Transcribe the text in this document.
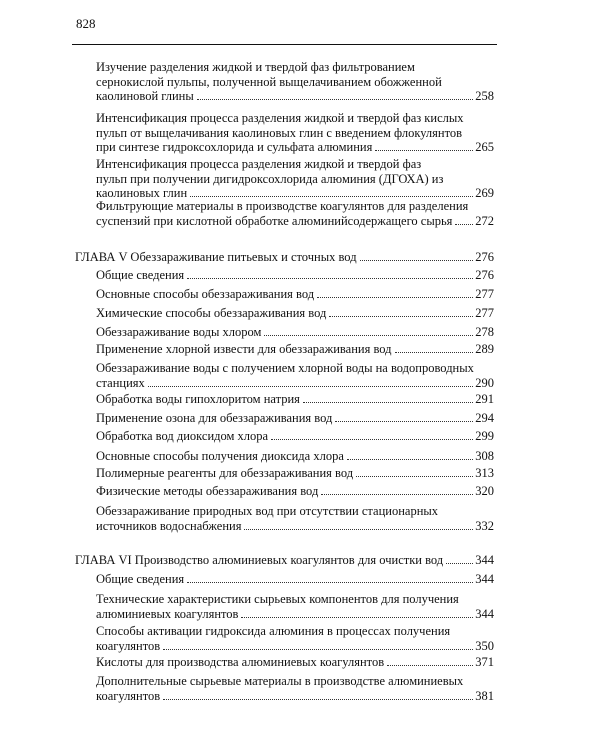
828
Изучение разделения жидкой и твердой фаз фильтрованием
сернокислой пульпы, полученной выщелачиванием обожженной
каолиновой глины	258
Интенсификация процесса разделения жидкой и твердой фаз кислых
пульп от выщелачивания каолиновых глин с введением флокулянтов
при синтезе гидроксохлорида и сульфата алюминия	265
Интенсификация процесса разделения жидкой и твердой фаз
пульп при получении дигидроксохлорида алюминия (ДГОХА) из
каолиновых глин	269
Фильтрующие материалы в производстве коагулянтов для разделения
суспензий при кислотной обработке алюминийсодержащего сырья 272
ГЛАВА V Обеззараживание питьевых и сточных вод	276
Общие сведения	276
Основные способы обеззараживания вод	277
Химические способы обеззараживания вод	277
Обеззараживание воды хлором	278
Применение хлорной извести для обеззараживания вод	289
Обеззараживание воды с получением хлорной воды на водопроводных
станциях	290
Обработка воды гипохлоритом натрия	291
Применение озона для обеззараживания вод	294
Обработка вод диоксидом хлора	299
Основные способы получения диоксида хлора	308
Полимерные реагенты для обеззараживания вод	313
Физические методы обеззараживания вод	320
Обеззараживание природных вод при отсутствии стационарных
источников водоснабжения	332
ГЛАВА VI Производство алюминиевых коагулянтов для очистки вод	344
Общие сведения	344
Технические характеристики сырьевых компонентов для получения
алюминиевых коагулянтов	344
Способы активации гидроксида алюминия в процессах получения
коагулянтов	350
Кислоты для производства алюминиевых коагулянтов	371
Дополнительные сырьевые материалы в производстве алюминиевых
коагулянтов	381
